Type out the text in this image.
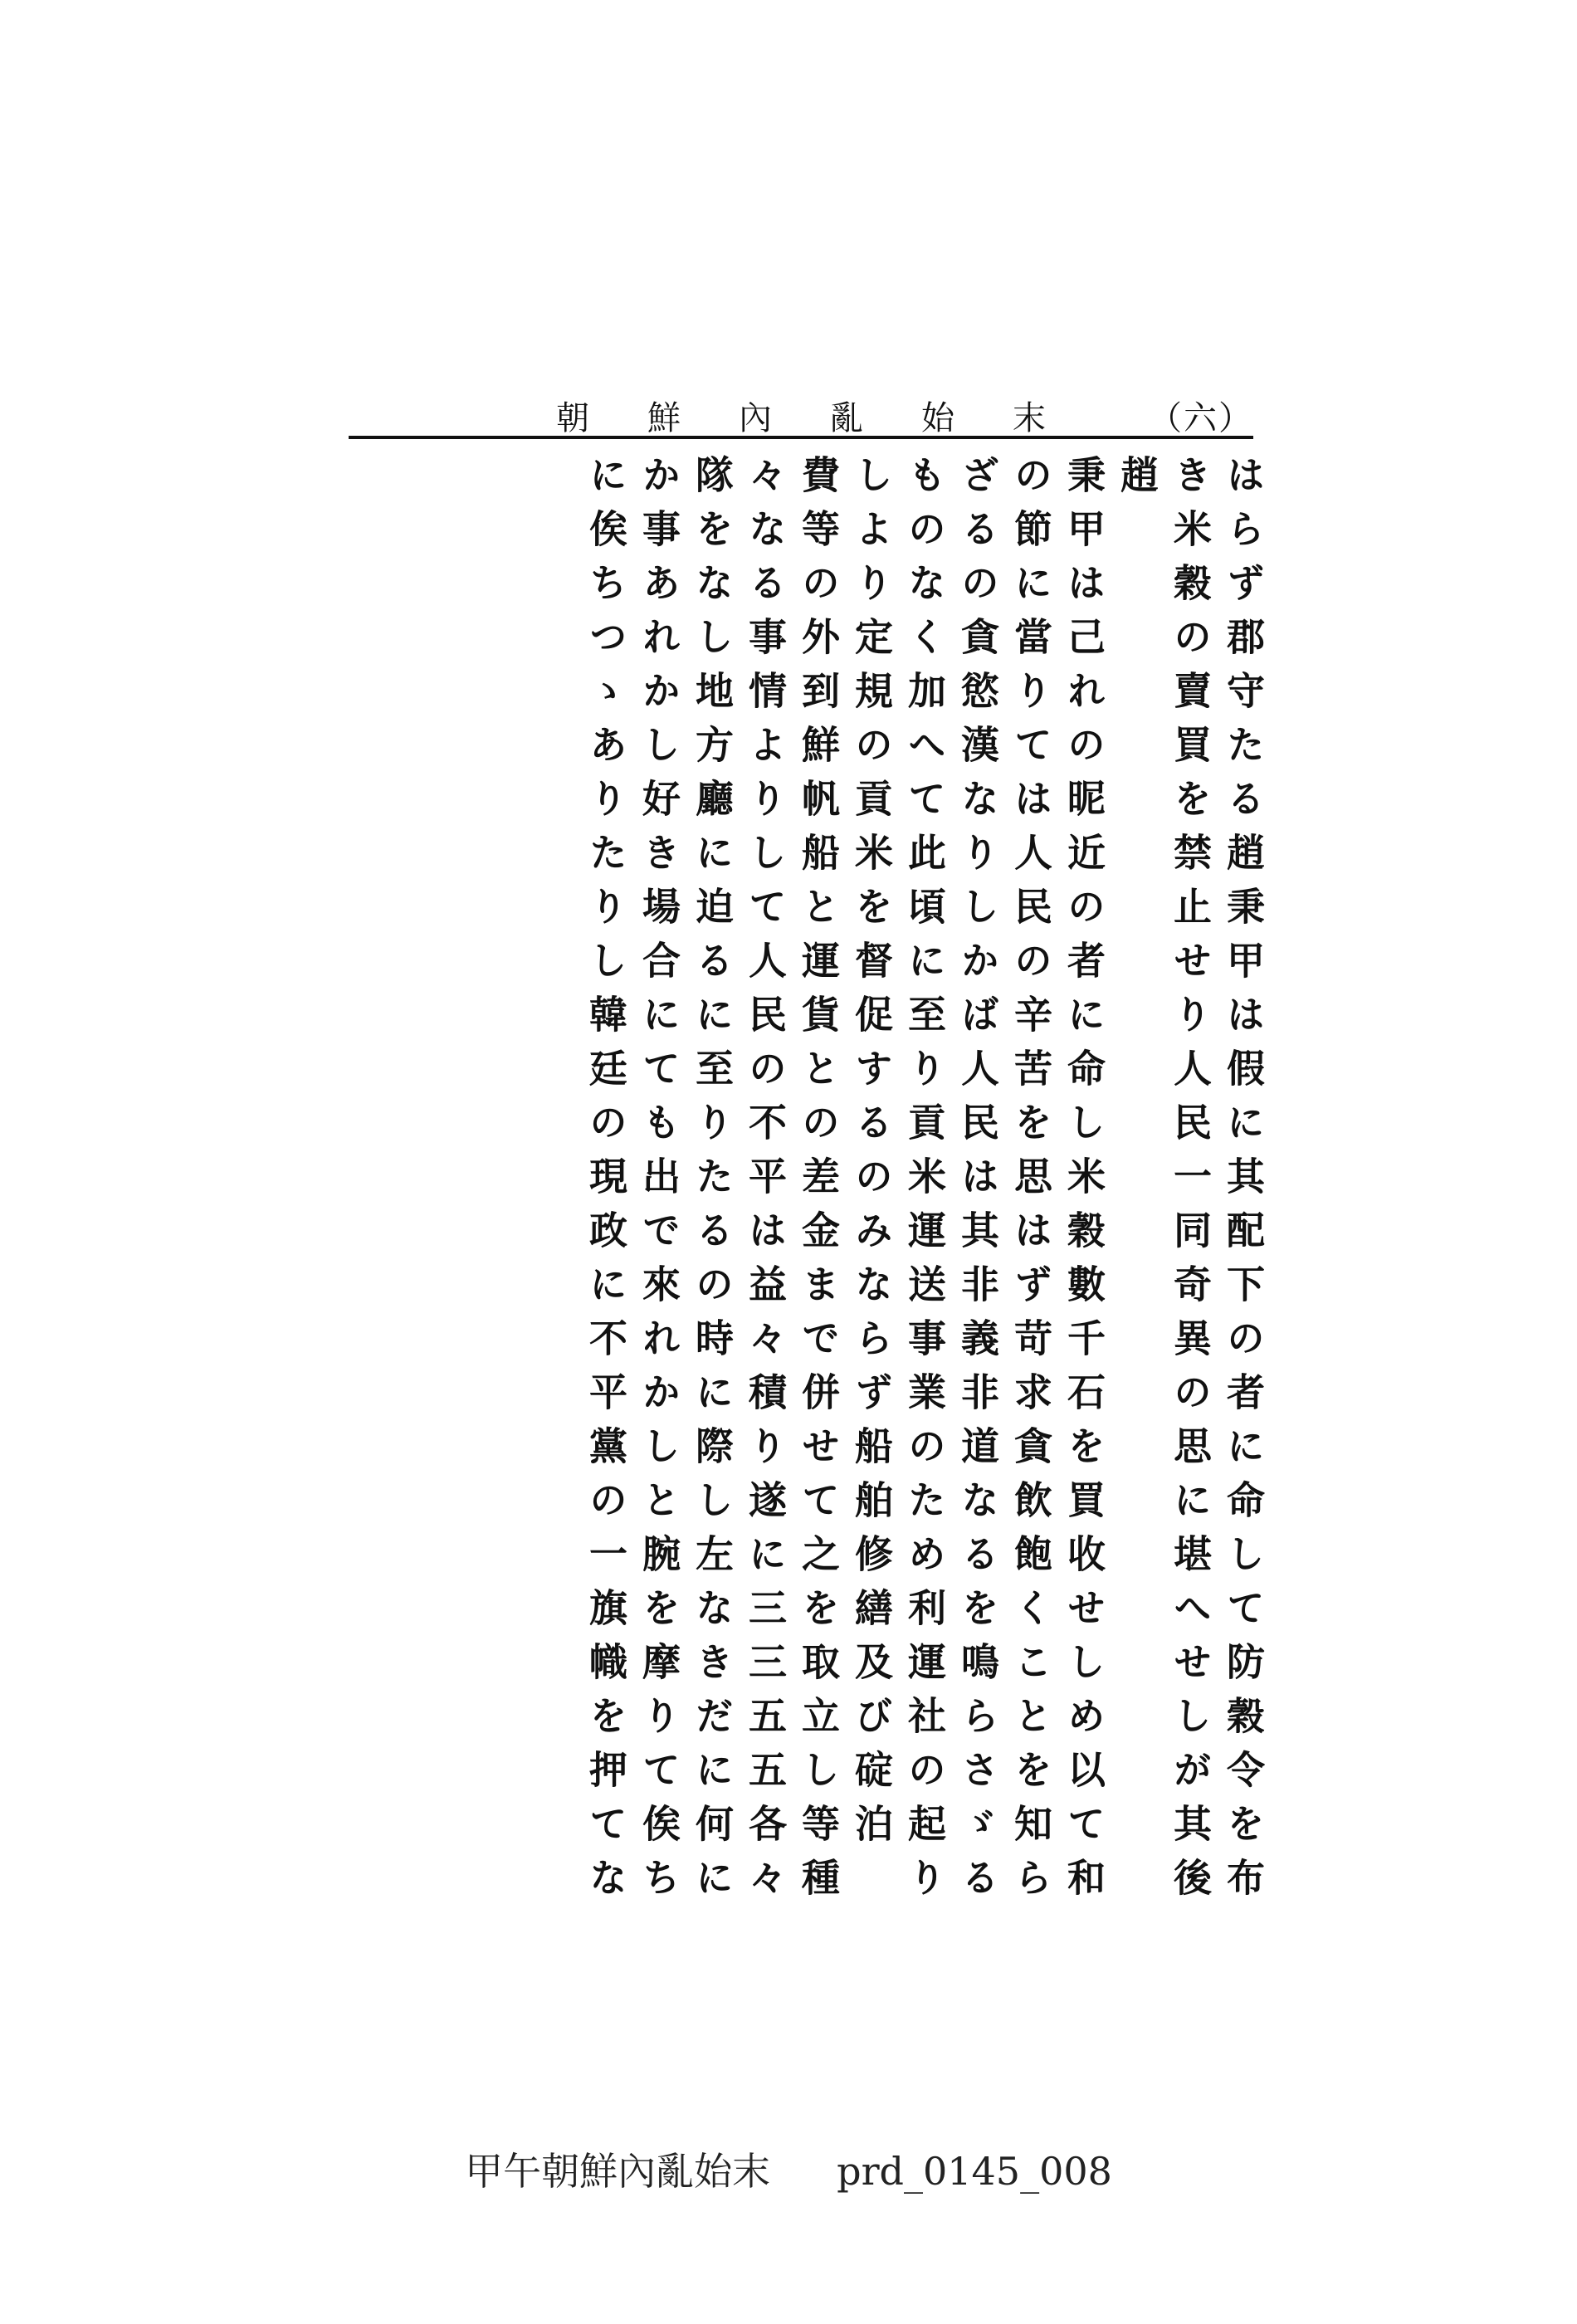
朝鮮內亂始末 （六）

はらず郡守たる趙秉甲は假に其配下の者に命して防穀令を布

き米穀の賣買を禁止せり人民一同奇異の思に堪へせしが其後趙

秉甲は己れの昵近の者に命し米穀數千石を買收せしめ以て和

の節に當りては人民の辛苦を思はず苛求貪飲飽くことを知ら

ざるの貪慾漢なりしかば人民は其非義非道なるを鳴らさゞる

ものなく加へて此頃に至り貢米運送事業のため利運社の起り

しより定規の貢米を督促するのみならず船舶修繕及び碇泊

費等の外到鮮帆船と運貨との差金まで併せて之を取立し等種

々なる事情よりして人民の不平は益々積り遂に三三五五各々

隊をなし地方廳に迫るに至りたるの時に際し左なきだに何に

か事あれかし好き場合にても出で來れかしと腕を摩りて俟ち

に俟ちつゝありたりし韓廷の現政に不平黨の一旗幟を押てな

甲午朝鮮內亂始末 prd_0145_008
